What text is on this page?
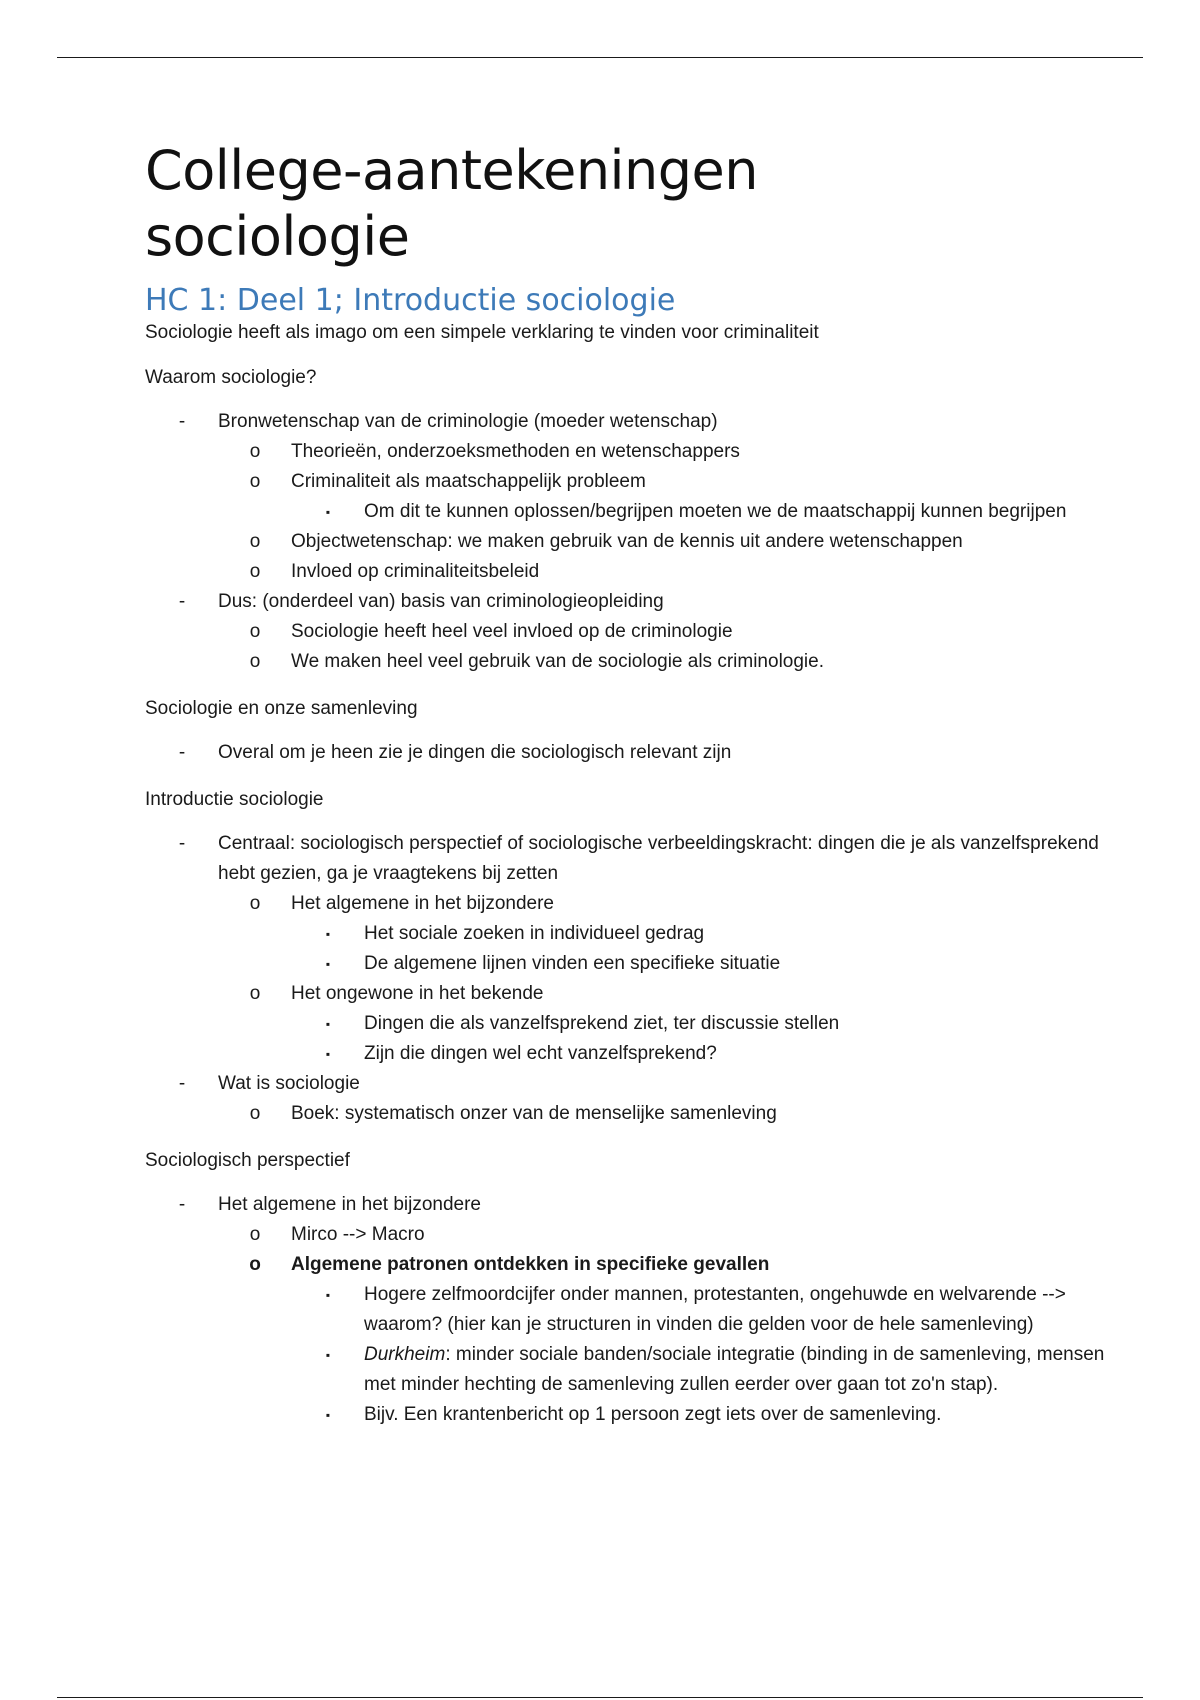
College-aantekeningen
sociologie
HC 1: Deel 1; Introductie sociologie

Sociologie heeft als imago om een simpele verklaring te vinden voor criminaliteit

Waarom sociologie?

-	Bronwetenschap van de criminologie (moeder wetenschap)
o	Theorieën, onderzoeksmethoden en wetenschappers
o	Criminaliteit als maatschappelijk probleem
▪	Om dit te kunnen oplossen/begrijpen moeten we de maatschappij kunnen begrijpen
o	Objectwetenschap: we maken gebruik van de kennis uit andere wetenschappen
o	Invloed op criminaliteitsbeleid
-	Dus: (onderdeel van) basis van criminologieopleiding
o	Sociologie heeft heel veel invloed op de criminologie
o	We maken heel veel gebruik van de sociologie als criminologie.

Sociologie en onze samenleving

-	Overal om je heen zie je dingen die sociologisch relevant zijn

Introductie sociologie

-	Centraal: sociologisch perspectief of sociologische verbeeldingskracht: dingen die je als vanzelfsprekend hebt gezien, ga je vraagtekens bij zetten
o	Het algemene in het bijzondere
▪	Het sociale zoeken in individueel gedrag
▪	De algemene lijnen vinden een specifieke situatie
o	Het ongewone in het bekende
▪	Dingen die als vanzelfsprekend ziet, ter discussie stellen
▪	Zijn die dingen wel echt vanzelfsprekend?
-	Wat is sociologie
o	Boek: systematisch onzer van de menselijke samenleving

Sociologisch perspectief

-	Het algemene in het bijzondere
o	Mirco --> Macro
o	Algemene patronen ontdekken in specifieke gevallen
▪	Hogere zelfmoordcijfer onder mannen, protestanten, ongehuwde en welvarende --> waarom? (hier kan je structuren in vinden die gelden voor de hele samenleving)
▪	Durkheim: minder sociale banden/sociale integratie (binding in de samenleving, mensen met minder hechting de samenleving zullen eerder over gaan tot zo'n stap).
▪	Bijv. Een krantenbericht op 1 persoon zegt iets over de samenleving.
